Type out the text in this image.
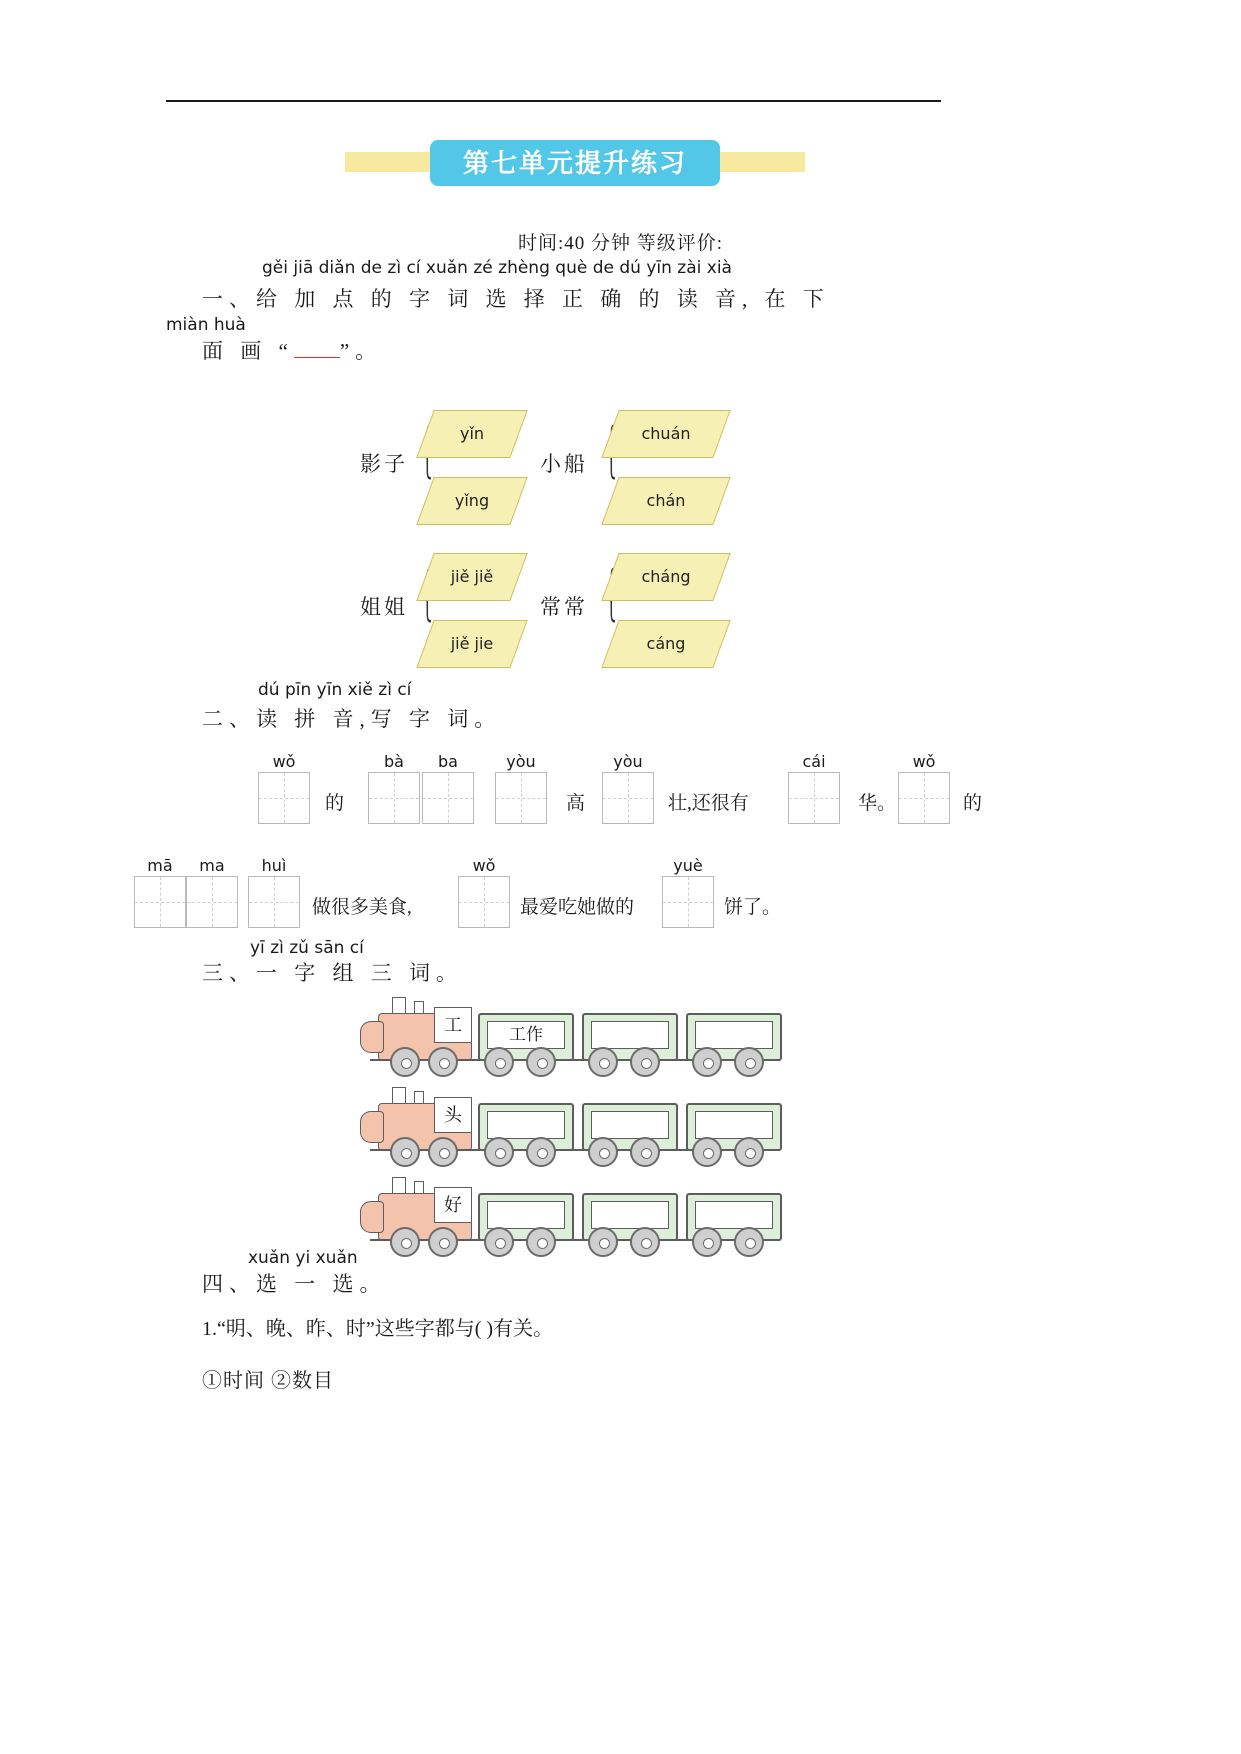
第七单元提升练习
时间:40 分钟 等级评价:
gěi jiā diǎn de zì cí xuǎn zé zhèng què de dú yīn zài xià
一、给 加 点 的 字 词 选 择 正 确 的 读 音, 在 下
miàn huà
面 画 “ ”。
影子
yǐn
yǐng
小船
chuán
chán
姐姐
jiě jiě
jiě jie
常常
cháng
cáng
dú pīn yīn xiě zì cí
二、读 拼 音,写 字 词。
wǒ
的
bà	ba	yòu
高
yòu
壮,还很有
cái
华。
wǒ
的
mā	ma	huì
做很多美食,
wǒ
最爱吃她做的
yuè
饼了。
yī zì zǔ sān cí
三、一 字 组 三 词。
工	工作
头
好
xuǎn yi xuǎn
四、选 一 选。
1.“明、晚、昨、时”这些字都与( )有关。
①时间 ②数目
